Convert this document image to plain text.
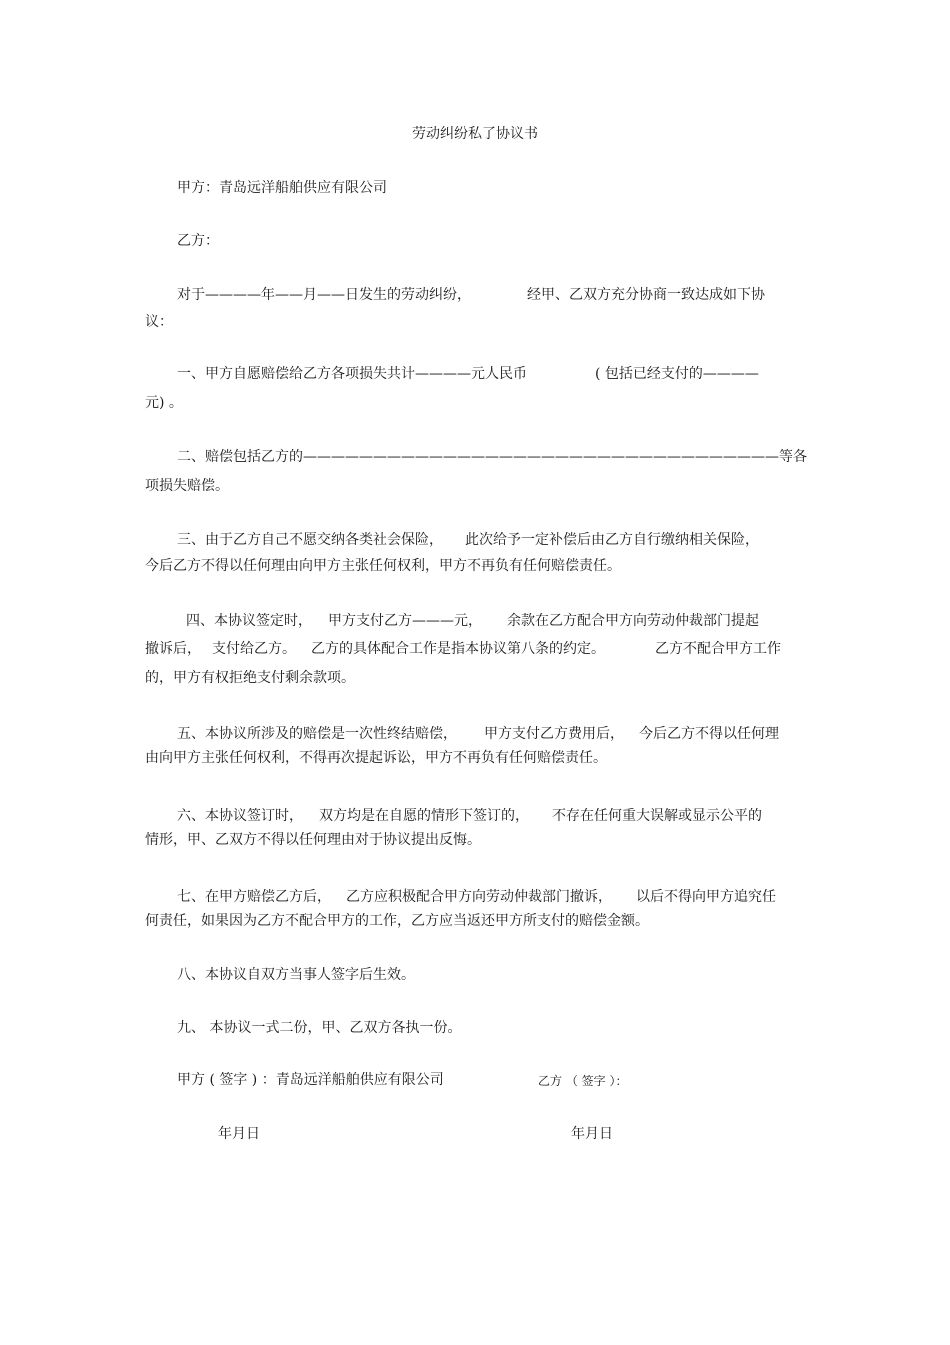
劳动纠纷私了协议书
甲方：青岛远洋船舶供应有限公司
乙方：
对于————年——月——日发生的劳动纠纷，	经甲、乙双方充分协商一致达成如下协
议：
一、甲方自愿赔偿给乙方各项损失共计————元人民币	( 包括已经支付的————
元) 。
二、赔偿包括乙方的——————————————————————————————————等各
项损失赔偿。
三、由于乙方自己不愿交纳各类社会保险， 此次给予一定补偿后由乙方自行缴纳相关保险，
今后乙方不得以任何理由向甲方主张任何权利，甲方不再负有任何赔偿责任。
四、本协议签定时， 甲方支付乙方———元， 余款在乙方配合甲方向劳动仲裁部门提起
撤诉后， 支付给乙方。 乙方的具体配合工作是指本协议第八条的约定。	乙方不配合甲方工作
的，甲方有权拒绝支付剩余款项。
五、本协议所涉及的赔偿是一次性终结赔偿， 甲方支付乙方费用后， 今后乙方不得以任何理
由向甲方主张任何权利，不得再次提起诉讼，甲方不再负有任何赔偿责任。
六、本协议签订时， 双方均是在自愿的情形下签订的， 不存在任何重大误解或显示公平的
情形，甲、乙双方不得以任何理由对于协议提出反悔。
七、在甲方赔偿乙方后， 乙方应积极配合甲方向劳动仲裁部门撤诉， 以后不得向甲方追究任
何责任，如果因为乙方不配合甲方的工作，乙方应当返还甲方所支付的赔偿金额。
八、本协议自双方当事人签字后生效。
九、 本协议一式二份，甲、乙双方各执一份。
甲方 ( 签字 ) ：青岛远洋船舶供应有限公司	乙方 （ 签字 ）：
年月日	年月日
